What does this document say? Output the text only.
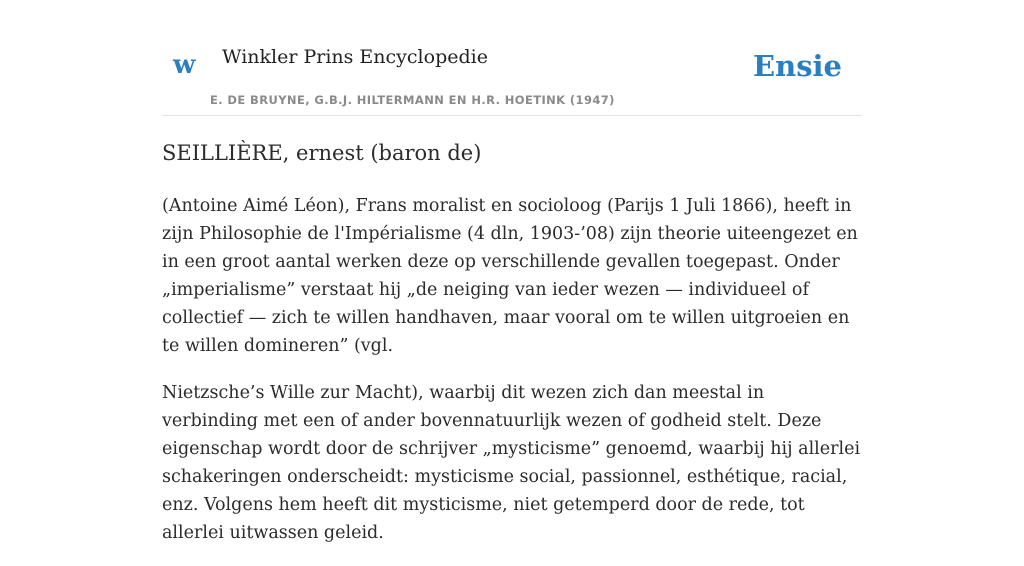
w Winkler Prins Encyclopedie
E. DE BRUYNE, G.B.J. HILTERMANN EN H.R. HOETINK (1947)
Ensie
SEILLIÈRE, ernest (baron de)

(Antoine Aimé Léon), Frans moralist en socioloog (Parijs 1 Juli 1866), heeft in zijn Philosophie de l'Impérialisme (4 dln, 1903-’08) zijn theorie uiteengezet en in een groot aantal werken deze op verschillende gevallen toegepast. Onder „imperialisme” verstaat hij „de neiging van ieder wezen — individueel of collectief — zich te willen handhaven, maar vooral om te willen uitgroeien en te willen domineren” (vgl.

Nietzsche’s Wille zur Macht), waarbij dit wezen zich dan meestal in verbinding met een of ander bovennatuurlijk wezen of godheid stelt. Deze eigenschap wordt door de schrijver „mysticisme” genoemd, waarbij hij allerlei schakeringen onderscheidt: mysticisme social, passionnel, esthétique, racial, enz. Volgens hem heeft dit mysticisme, niet getemperd door de rede, tot allerlei uitwassen geleid.
